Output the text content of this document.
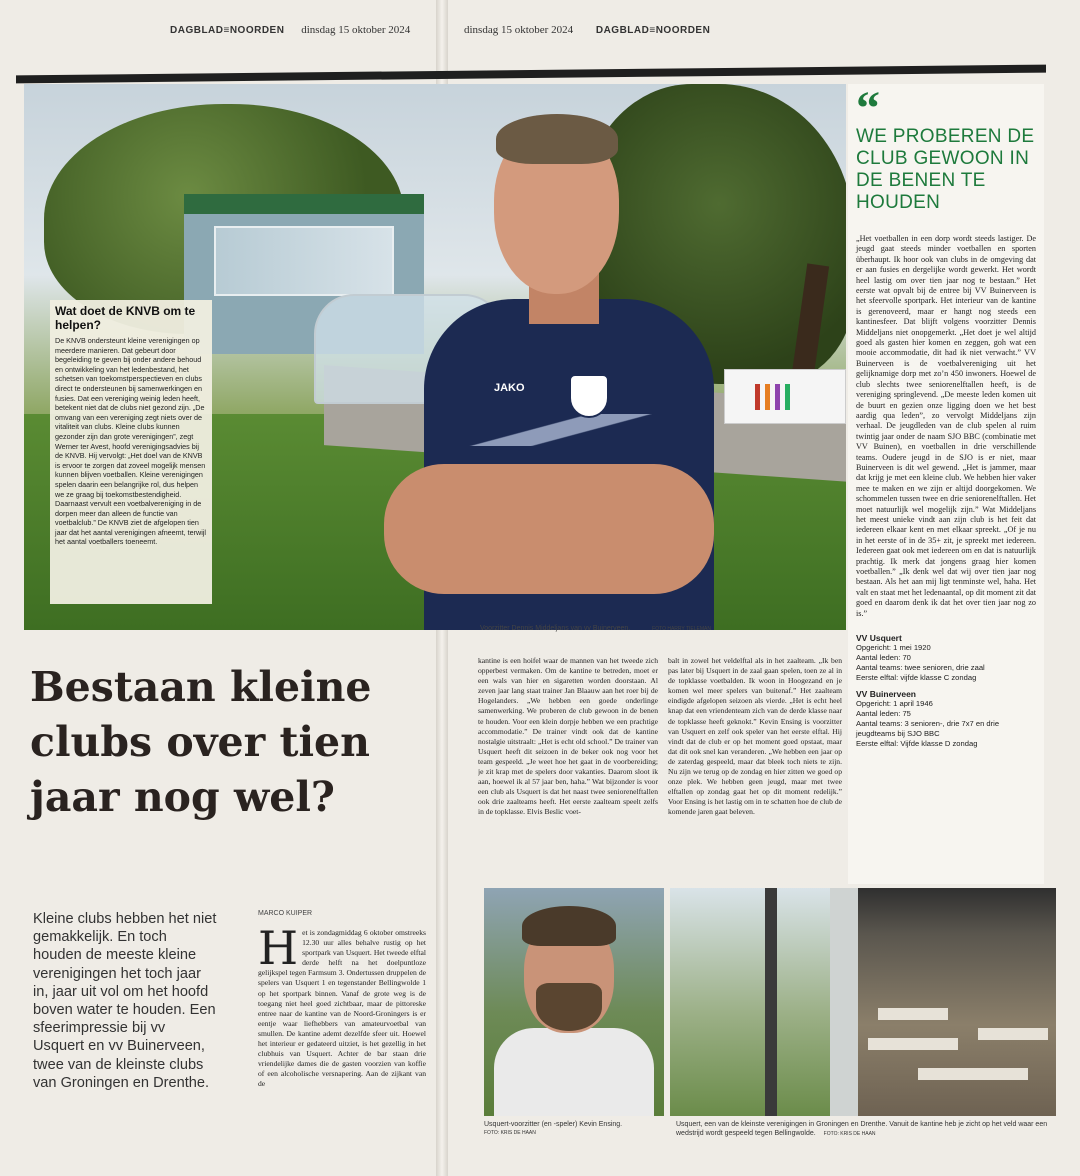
DAGBLAD≡NOORDEN dinsdag 15 oktober 2024	dinsdag 15 oktober 2024 DAGBLAD≡NOORDEN
JAKO
Voorzitter Dennis Middeljans van vv Buinerveen.	FOTO HARRY TIELEMAN
Wat doet de KNVB om te helpen?

De KNVB ondersteunt kleine verenigingen op meerdere manieren. Dat gebeurt door begeleiding te geven bij onder andere behoud en ontwikkeling van het ledenbestand, het schetsen van toekomstperspectieven en clubs direct te ondersteunen bij samenwerkingen en fusies. Dat een vereniging weinig leden heeft, betekent niet dat de clubs niet gezond zijn. „De omvang van een vereniging zegt niets over de vitaliteit van clubs. Kleine clubs kunnen gezonder zijn dan grote verenigingen”, zegt Werner ter Avest, hoofd verenigingsadvies bij de KNVB. Hij vervolgt: „Het doel van de KNVB is ervoor te zorgen dat zoveel mogelijk mensen kunnen blijven voetballen. Kleine verenigingen spelen daarin een belangrijke rol, dus helpen we ze graag bij toekomstbestendigheid. Daarnaast vervult een voetbalvereniging in de dorpen meer dan alleen de functie van voetbalclub.” De KNVB ziet de afgelopen tien jaar dat het aantal verenigingen afneemt, terwijl het aantal voetballers toeneemt.

“
WE PROBEREN DE CLUB GEWOON IN DE BENEN TE HOUDEN
„Het voetballen in een dorp wordt steeds lastiger. De jeugd gaat steeds minder voetballen en sporten überhaupt. Ik hoor ook van clubs in de omgeving dat er aan fusies en dergelijke wordt gewerkt. Het wordt heel lastig om over tien jaar nog te bestaan.” Het eerste wat opvalt bij de entree bij VV Buinerveen is het sfeervolle sportpark. Het interieur van de kantine is gerenoveerd, maar er hangt nog steeds een kantinesfeer. Dat blijft volgens voorzitter Dennis Middeljans niet onopgemerkt. „Het doet je wel altijd goed als gasten hier komen en zeggen, goh wat een mooie accommodatie, dit had ik niet verwacht.” VV Buinerveen is de voetbalvereniging uit het gelijknamige dorp met zo’n 450 inwoners. Hoewel de club slechts twee seniorenelftallen heeft, is de vereniging springlevend. „De meeste leden komen uit de buurt en gezien onze ligging doen we het best aardig qua leden”, zo vervolgt Middeljans zijn verhaal. De jeugdleden van de club spelen al ruim twintig jaar onder de naam SJO BBC (combinatie met VV Buinen), en voetballen in drie verschillende teams. Oudere jeugd in de SJO is er niet, maar Buinerveen is dit wel gewend. „Het is jammer, maar dat krijg je met een kleine club. We hebben hier vaker mee te maken en we zijn er altijd doorgekomen. We schommelen tussen twee en drie seniorenelftallen. Het moet natuurlijk wel mogelijk zijn.” Wat Middeljans het meest unieke vindt aan zijn club is het feit dat iedereen elkaar kent en met elkaar spreekt. „Of je nu in het eerste of in de 35+ zit, je spreekt met iedereen. Iedereen gaat ook met iedereen om en dat is natuurlijk prachtig. Ik merk dat jongens graag hier komen voetballen.” „Ik denk wel dat wij over tien jaar nog bestaan. Als het aan mij ligt tenminste wel, haha. Het valt en staat met het ledenaantal, op dit moment zit dat goed en daarom denk ik dat het over tien jaar nog zo is.”
VV Usquert
Opgericht: 1 mei 1920
Aantal leden: 70
Aantal teams: twee senioren, drie zaal
Eerste elftal: vijfde klasse C zondag
VV Buinerveen
Opgericht: 1 april 1946
Aantal leden: 75
Aantal teams: 3 senioren-, drie 7x7 en drie jeugdteams bij SJO BBC
Eerste elftal: Vijfde klasse D zondag
Bestaan kleine clubs over tien jaar nog wel?
Kleine clubs hebben het niet gemakkelijk. En toch houden de meeste kleine verenigingen het toch jaar in, jaar uit vol om het hoofd boven water te houden. Een sfeerimpressie bij vv Usquert en vv Buinerveen, twee van de kleinste clubs van Groningen en Drenthe.
MARCO KUIPER
H et is zondagmiddag 6 oktober omstreeks 12.30 uur alles behalve rustig op het sportpark van Usquert. Het tweede elftal derde helft na het doelpuntloze gelijkspel tegen Farmsum 3. Ondertussen druppelen de spelers van Usquert 1 en tegenstander Bellingwolde 1 op het sportpark binnen. Vanaf de grote weg is de toegang niet heel goed zichtbaar, maar de pittoreske entree naar de kantine van de Noord-Groningers is er eentje waar liefhebbers van amateurvoetbal van smullen. De kantine ademt dezelfde sfeer uit. Hoewel het interieur er gedateerd uitziet, is het gezellig in het clubhuis van Usquert. Achter de bar staan drie vriendelijke dames die de gasten voorzien van koffie of een alcoholische versnapering. Aan de zijkant van de
kantine is een hoifel waar de mannen van het tweede zich opperbest vermaken. Om de kantine te betreden, moet er een wals van hier en sigaretten worden doorstaan. Al zeven jaar lang staat trainer Jan Blaauw aan het roer bij de Hogelanders. „We hebben een goede onderlinge samenwerking. We proberen de club gewoon in de benen te houden. Voor een klein dorpje hebben we een prachtige accommodatie.” De trainer vindt ook dat de kantine nostalgie uitstraalt: „Het is echt old school.” De trainer van Usquert heeft dit seizoen in de beker ook nog voor het team gespeeld. „Je weet hoe het gaat in de voorbereiding; je zit krap met de spelers door vakanties. Daarom sloot ik aan, hoewel ik al 57 jaar ben, haha.” Wat bijzonder is voor een club als Usquert is dat het naast twee seniorenelftallen ook drie zaalteams heeft. Het eerste zaalteam speelt zelfs in de topklasse. Elvis Beslic voet-
balt in zowel het veldelftal als in het zaalteam. „Ik ben pas later bij Usquert in de zaal gaan spelen, toen ze al in de topklasse voetbalden. Ik woon in Hoogezand en je komen wel meer spelers van buitenaf.” Het zaalteam eindigde afgelopen seizoen als vierde. „Het is echt heel knap dat een vriendenteam zich van de derde klasse naar de topklasse heeft geknokt.” Kevin Ensing is voorzitter van Usquert en zelf ook speler van het eerste elftal. Hij vindt dat de club er op het moment goed opstaat, maar dat dit ook snel kan veranderen. „We hebben een jaar op de zaterdag gespeeld, maar dat bleek toch niets te zijn. Nu zijn we terug op de zondag en hier zitten we goed op onze plek. We hebben geen jeugd, maar met twee elftallen op zondag gaat het op dit moment redelijk.” Voor Ensing is het lastig om in te schatten hoe de club de komende jaren gaat beleven.
Usquert-voorzitter (en -speler) Kevin Ensing.
FOTO: KRIS DE HAAN
Usquert, een van de kleinste verenigingen in Groningen en Drenthe. Vanuit de kantine heb je zicht op het veld waar een wedstrijd wordt gespeeld tegen Bellingwolde. FOTO: KRIS DE HAAN
